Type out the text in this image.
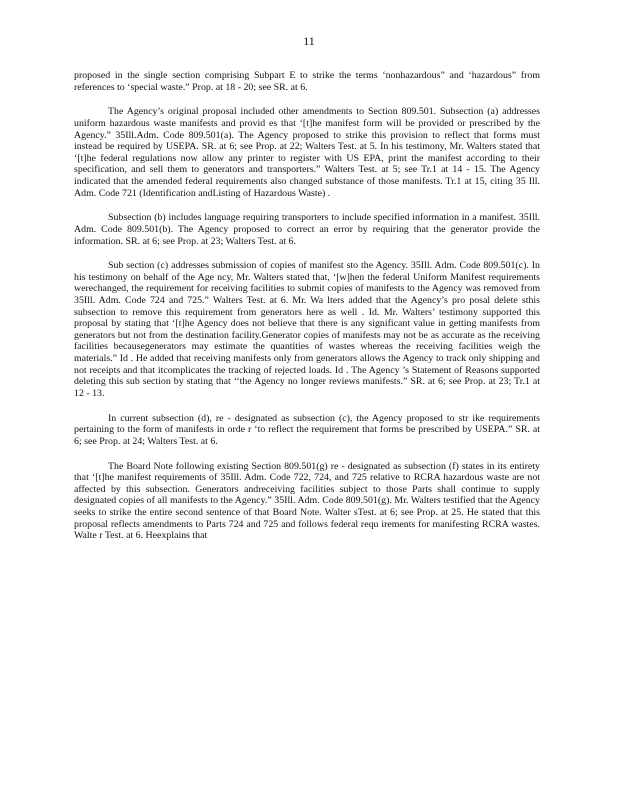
11

proposed in the single section comprising Subpart E to strike the terms ‘nonhazardous” and ‘hazardous” from references to ‘special waste.” Prop. at 18 - 20; see SR. at 6.

The Agency’s original proposal included other amendments to Section 809.501. Subsection (a) addresses uniform hazardous waste manifests and provid es that ‘[t]he manifest form will be provided or prescribed by the Agency.” 35Ill.Adm. Code 809.501(a). The Agency proposed to strike this provision to reflect that forms must instead be required by USEPA. SR. at 6; see Prop. at 22; Walters Test. at 5. In his testimony, Mr. Walters stated that ‘[t]he federal regulations now allow any printer to register with US EPA, print the manifest according to their specification, and sell them to generators and transporters.” Walters Test. at 5; see Tr.1 at 14 - 15. The Agency indicated that the amended federal requirements also changed substance of those manifests. Tr.1 at 15, citing 35 Ill. Adm. Code 721 (Identification andListing of Hazardous Waste) .

Subsection (b) includes language requiring transporters to include specified information in a manifest. 35Ill. Adm. Code 809.501(b). The Agency proposed to correct an error by requiring that the generator provide the information. SR. at 6; see Prop. at 23; Walters Test. at 6.

Sub section (c) addresses submission of copies of manifest sto the Agency. 35Ill. Adm. Code 809.501(c). In his testimony on behalf of the Age ncy, Mr. Walters stated that, ‘[w]hen the federal Uniform Manifest requirements werechanged, the requirement for receiving facilities to submit copies of manifests to the Agency was removed from 35Ill. Adm. Code 724 and 725.” Walters Test. at 6. Mr. Wa lters added that the Agency’s pro posal delete sthis subsection to remove this requirement from generators here as well . Id. Mr. Walters’ testimony supported this proposal by stating that ‘[t]he Agency does not believe that there is any significant value in getting manifests from generators but not from the destination facility.Generator copies of manifests may not be as accurate as the receiving facilities becausegenerators may estimate the quantities of wastes whereas the receiving facilities weigh the materials.” Id . He added that receiving manifests only from generators allows the Agency to track only shipping and not receipts and that itcomplicates the tracking of rejected loads. Id . The Agency ’s Statement of Reasons supported deleting this sub section by stating that ‘‘the Agency no longer reviews manifests.” SR. at 6; see Prop. at 23; Tr.1 at 12 - 13.

In current subsection (d), re - designated as subsection (c), the Agency proposed to str ike requirements pertaining to the form of manifests in orde r ‘to reflect the requirement that forms be prescribed by USEPA.” SR. at 6; see Prop. at 24; Walters Test. at 6.

The Board Note following existing Section 809.501(g) re - designated as subsection (f) states in its entirety that ‘[t]he manifest requirements of 35Ill. Adm. Code 722, 724, and 725 relative to RCRA hazardous waste are not affected by this subsection. Generators andreceiving facilities subject to those Parts shall continue to supply designated copies of all manifests to the Agency.” 35Ill. Adm. Code 809.501(g). Mr. Walters testified that the Agency seeks to strike the entire second sentence of that Board Note. Walter sTest. at 6; see Prop. at 25. He stated that this proposal reflects amendments to Parts 724 and 725 and follows federal requ irements for manifesting RCRA wastes. Walte r Test. at 6. Heexplains that
